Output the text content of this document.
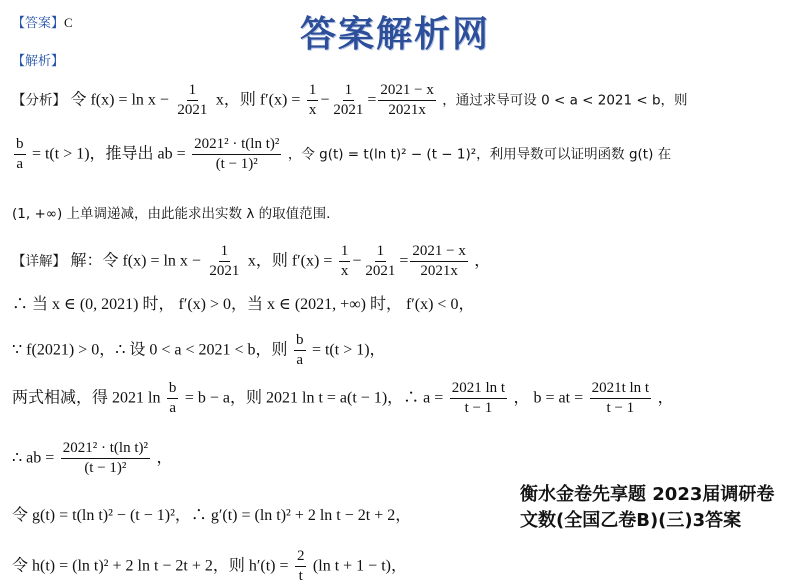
【答案】C	答案解析网
【解析】
【分析】 令 $f(x) = \ln x - \frac{1}{2021}$ x，则 $f'(x) = \frac{1}{x} - \frac{1}{2021} = \frac{2021 - x}{2021x}$ ，通过求导可设 0 < a < 2021 < b，则
$\frac{b}{a} = t(t > 1)$，推导出 ab = $\frac{\text{2021² · t(ln t)²}}{\text{(t − 1)²}}$ ，令 g(t) = t(ln t)² − (t − 1)²，利用导数可以证明函数 g(t) 在
(1, +∞) 上单调递减，由此能求出实数 λ 的取值范围.
【详解】 解：令 $f(x) = \ln x - \frac{1}{2021}$ x，则 $f'(x) = \frac{1}{x} - \frac{1}{2021} = \frac{2021 - x}{2021x}$ ，
∴ 当 x ∈ (0, 2021) 时， f′(x) > 0，当 x ∈ (2021, +∞) 时， f′(x) < 0，
∵ f(2021) > 0，∴ 设 0 < a < 2021 < b，则 $\frac{b}{a} = t(t > 1)$，
两式相减，得 2021 $\ln \frac{b}{a} = b - a$，则 2021 ln t = a(t − 1)，∴ $a = \frac{\text{2021 ln t}}{t - 1}$ ， b = at = $\frac{\text{2021t ln t}}{t - 1}$ ，
∴ ab = $\frac{\text{2021² · t(ln t)²}}{\text{(t − 1)²}}$ ，
令 g(t) = t(ln t)² − (t − 1)²，∴ g′(t) = (ln t)² + 2 ln t − 2t + 2，
令 h(t) = (ln t)² + 2 ln t − 2t + 2，则 $h'(t) = \frac{2}{t} (\ln$ t + 1 − t)，
衡水金卷先享题 2023届调研卷 文数(全国乙卷B)(三)3答案
